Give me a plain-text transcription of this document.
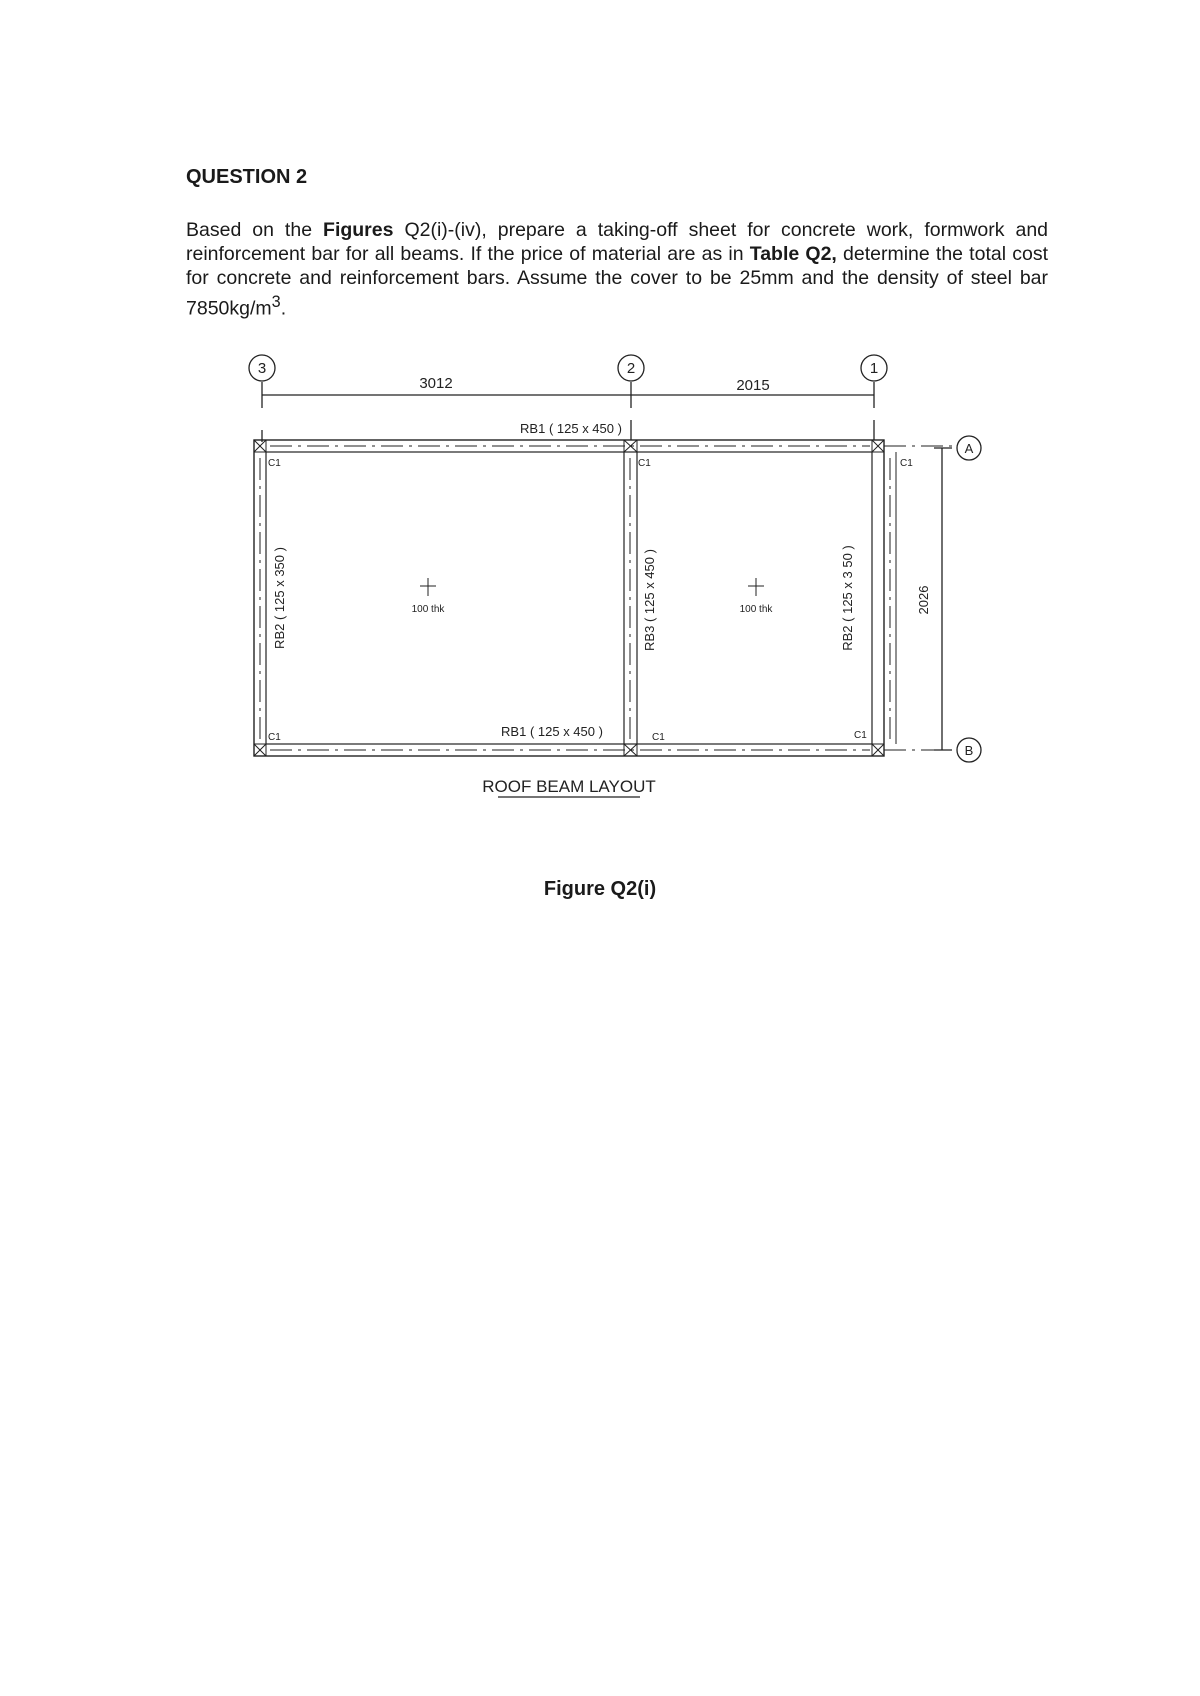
QUESTION 2

Based on the Figures Q2(i)-(iv), prepare a taking-off sheet for concrete work, formwork and reinforcement bar for all beams. If the price of material are as in Table Q2, determine the total cost for concrete and reinforcement bars. Assume the cover to be 25mm and the density of steel bar $7850kg/m^3$.

3	2	1
A
B
3012	2015
2026
RB1 ( 125 x 450 )
RB1 ( 125 x 450 )
RB2 ( 125 x 350 )	RB3 ( 125 x 450 )	RB2 ( 125 x 3 50 )
C1	C1	C1
C1	C1	C1
100 thk	100 thk
ROOF BEAM LAYOUT

Figure Q2(i)
